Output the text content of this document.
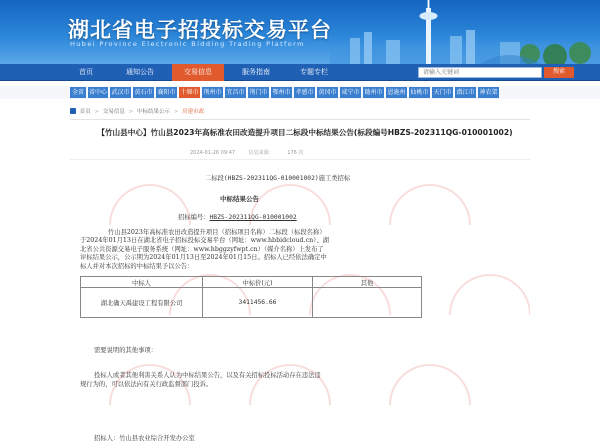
湖北省电子招投标交易平台
Hubei Province Electronic Bidding Trading Platform
首页	通知公告	交易信息	服务指南	专题专栏
请输入关键词	搜索
全省 省中心 武汉市 黄石市 襄阳市 十堰市 荆州市 宜昌市 荆门市 鄂州市 孝感市 黄冈市 咸宁市 随州市 恩施州 仙桃市 天门市 潜江市 神农架
首页 > 交易信息 > 中标结果公示 > 房建市政
【竹山县中心】竹山县2023年高标准农田改造提升项目二标段中标结果公告(标段编号HBZS-202311QG-010001002)
2024-01-26 09:47	信息来源：	176 次
二标段(HBZS-202311QG-010001002)施工类招标
中标结果公告
招标编号：HBZS-202311QG-010001002
竹山县2023年高标准农田改造提升项目（招标项目名称）二标段（标段名称）
于2024年01月13日在湖北省电子招标投标交易平台（网址：www.hbbidcloud.cn）、湖
北省公共资源交易电子服务系统（网址：www.hbggzyfwpt.cn）（媒介名称）上发布了
评标结果公示，公示期为2024年01月13日至2024年01月15日。招标人已经依法确定中
标人并对本次招标的中标结果予以公告：
中标人	中标价(元)	其他
湖北确天禹建设工程有限公司	3411456.66	
需要说明的其他事项：
投标人或者其他利害关系人认为中标结果公告，以及有关招标投标活动存在违法违
规行为的，可以依法向有关行政监督部门投诉。
招标人：竹山县农业综合开发办公室
